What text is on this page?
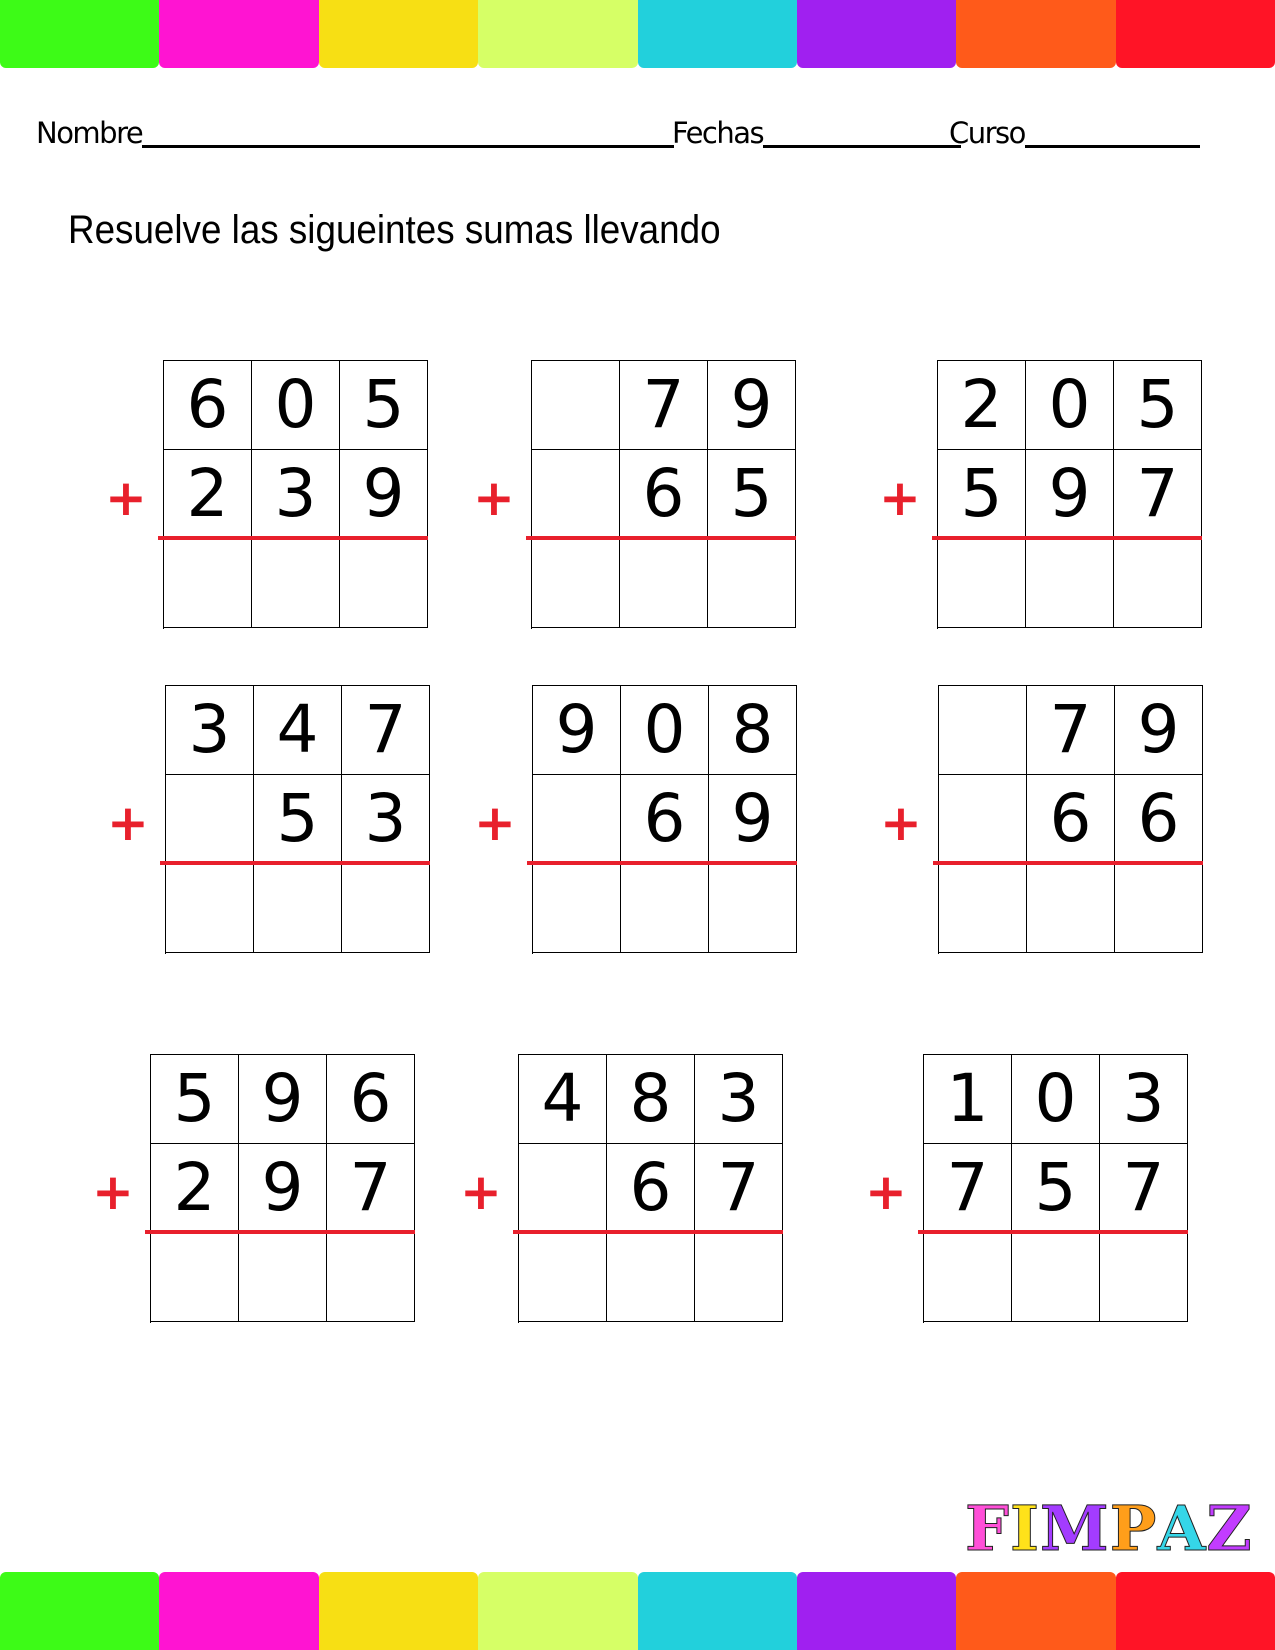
Nombre	Fechas	Curso
Resuelve las sigueintes sumas llevando
6 0 5
2 3 9
+
7 9
6 5
+
2 0 5
5 9 7
+
3 4 7
5 3
+
9 0 8
6 9
+
7 9
6 6
+
5 9 6
2 9 7
+
4 8 3
6 7
+
1 0 3
7 5 7
+
F I M P A Z
